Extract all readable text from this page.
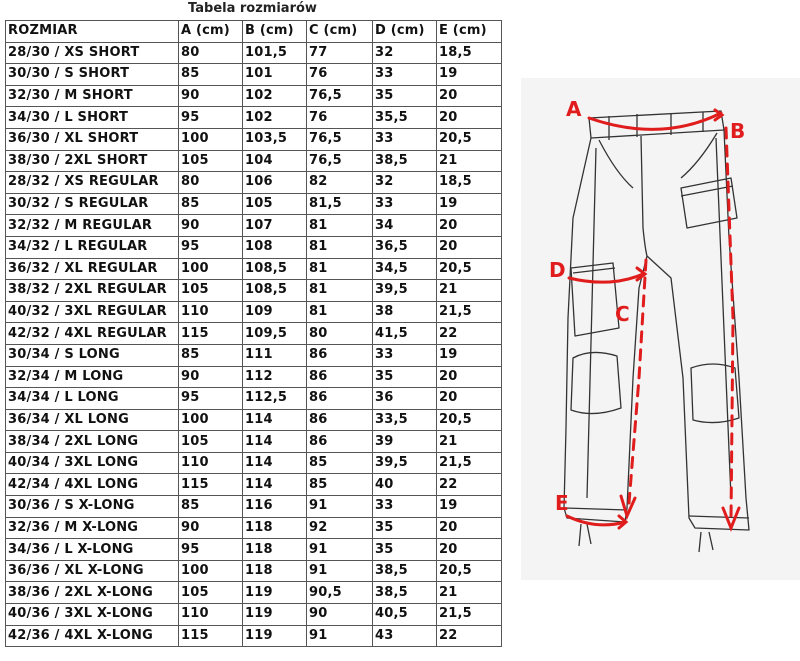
Tabela rozmiarów
ROZMIAR	A (cm)	B (cm)	C (cm)	D (cm)	E (cm)
28/30 / XS SHORT	80	101,5	77	32	18,5
30/30 / S SHORT	85	101	76	33	19
32/30 / M SHORT	90	102	76,5	35	20
34/30 / L SHORT	95	102	76	35,5	20
36/30 / XL SHORT	100	103,5	76,5	33	20,5
38/30 / 2XL SHORT	105	104	76,5	38,5	21
28/32 / XS REGULAR	80	106	82	32	18,5
30/32 / S REGULAR	85	105	81,5	33	19
32/32 / M REGULAR	90	107	81	34	20
34/32 / L REGULAR	95	108	81	36,5	20
36/32 / XL REGULAR	100	108,5	81	34,5	20,5
38/32 / 2XL REGULAR	105	108,5	81	39,5	21
40/32 / 3XL REGULAR	110	109	81	38	21,5
42/32 / 4XL REGULAR	115	109,5	80	41,5	22
30/34 / S LONG	85	111	86	33	19
32/34 / M LONG	90	112	86	35	20
34/34 / L LONG	95	112,5	86	36	20
36/34 / XL LONG	100	114	86	33,5	20,5
38/34 / 2XL LONG	105	114	86	39	21
40/34 / 3XL LONG	110	114	85	39,5	21,5
42/34 / 4XL LONG	115	114	85	40	22
30/36 / S X-LONG	85	116	91	33	19
32/36 / M X-LONG	90	118	92	35	20
34/36 / L X-LONG	95	118	91	35	20
36/36 / XL X-LONG	100	118	91	38,5	20,5
38/36 / 2XL X-LONG	105	119	90,5	38,5	21
40/36 / 3XL X-LONG	110	119	90	40,5	21,5
42/36 / 4XL X-LONG	115	119	91	43	22
A
B
C
D
E
